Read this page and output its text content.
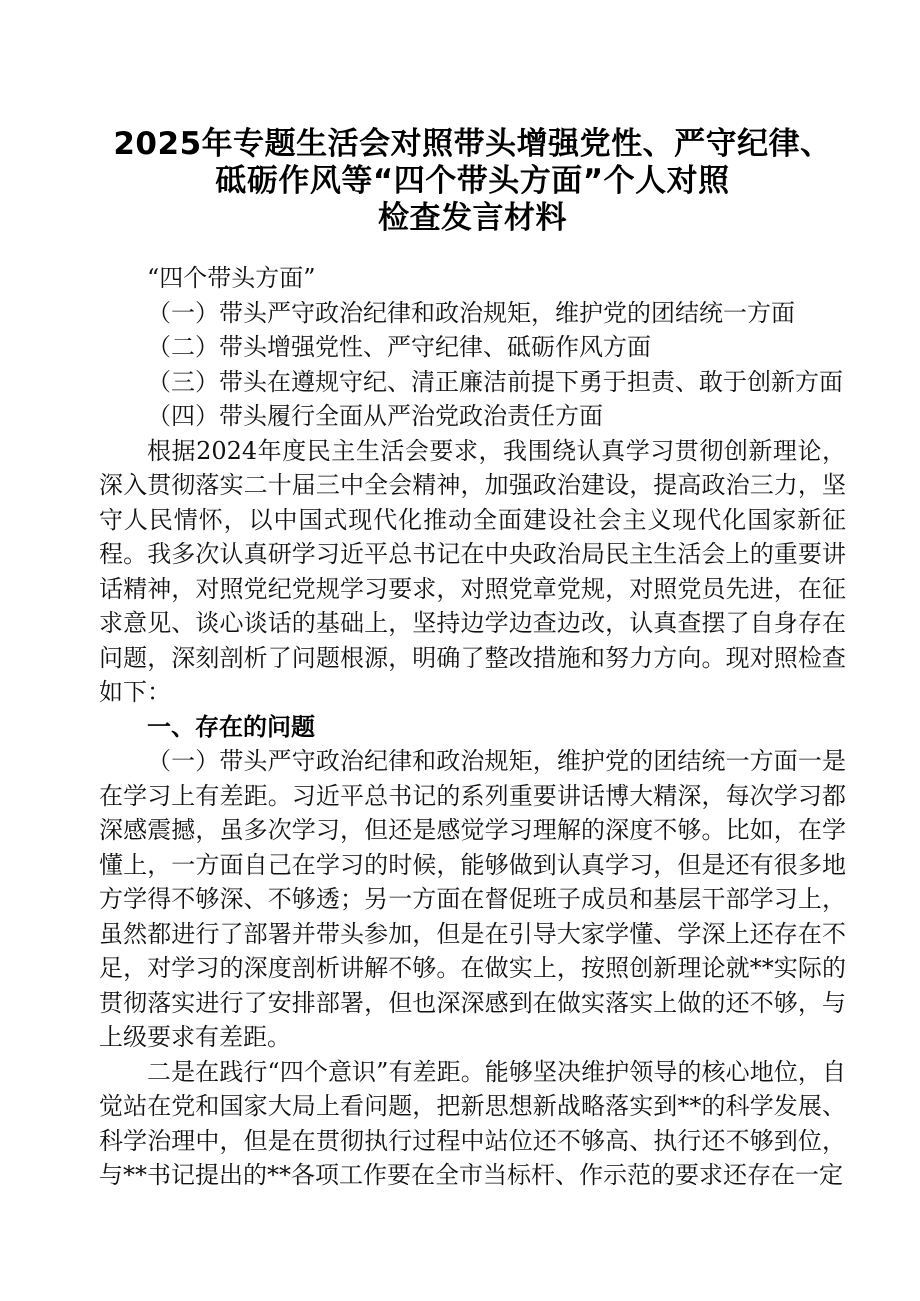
2025年专题生活会对照带头增强党性、严守纪律、
砥砺作风等“四个带头方面”个人对照
检查发言材料

“四个带头方面”

（一）带头严守政治纪律和政治规矩，维护党的团结统一方面

（二）带头增强党性、严守纪律、砥砺作风方面

（三）带头在遵规守纪、清正廉洁前提下勇于担责、敢于创新方面

（四）带头履行全面从严治党政治责任方面

根据2024年度民主生活会要求，我围绕认真学习贯彻创新理论，深入贯彻落实二十届三中全会精神，加强政治建设，提高政治三力，坚守人民情怀，以中国式现代化推动全面建设社会主义现代化国家新征程。我多次认真研学习近平总书记在中央政治局民主生活会上的重要讲话精神，对照党纪党规学习要求，对照党章党规，对照党员先进，在征求意见、谈心谈话的基础上，坚持边学边查边改，认真查摆了自身存在问题，深刻剖析了问题根源，明确了整改措施和努力方向。现对照检查如下：

一、存在的问题

（一）带头严守政治纪律和政治规矩，维护党的团结统一方面一是在学习上有差距。习近平总书记的系列重要讲话博大精深，每次学习都深感震撼，虽多次学习，但还是感觉学习理解的深度不够。比如，在学懂上，一方面自己在学习的时候，能够做到认真学习，但是还有很多地方学得不够深、不够透；另一方面在督促班子成员和基层干部学习上，虽然都进行了部署并带头参加，但是在引导大家学懂、学深上还存在不足，对学习的深度剖析讲解不够。在做实上，按照创新理论就**实际的贯彻落实进行了安排部署，但也深深感到在做实落实上做的还不够，与上级要求有差距。

二是在践行“四个意识”有差距。能够坚决维护领导的核心地位，自觉站在党和国家大局上看问题，把新思想新战略落实到**的科学发展、科学治理中，但是在贯彻执行过程中站位还不够高、执行还不够到位，与**书记提出的**各项工作要在全市当标杆、作示范的要求还存在一定
